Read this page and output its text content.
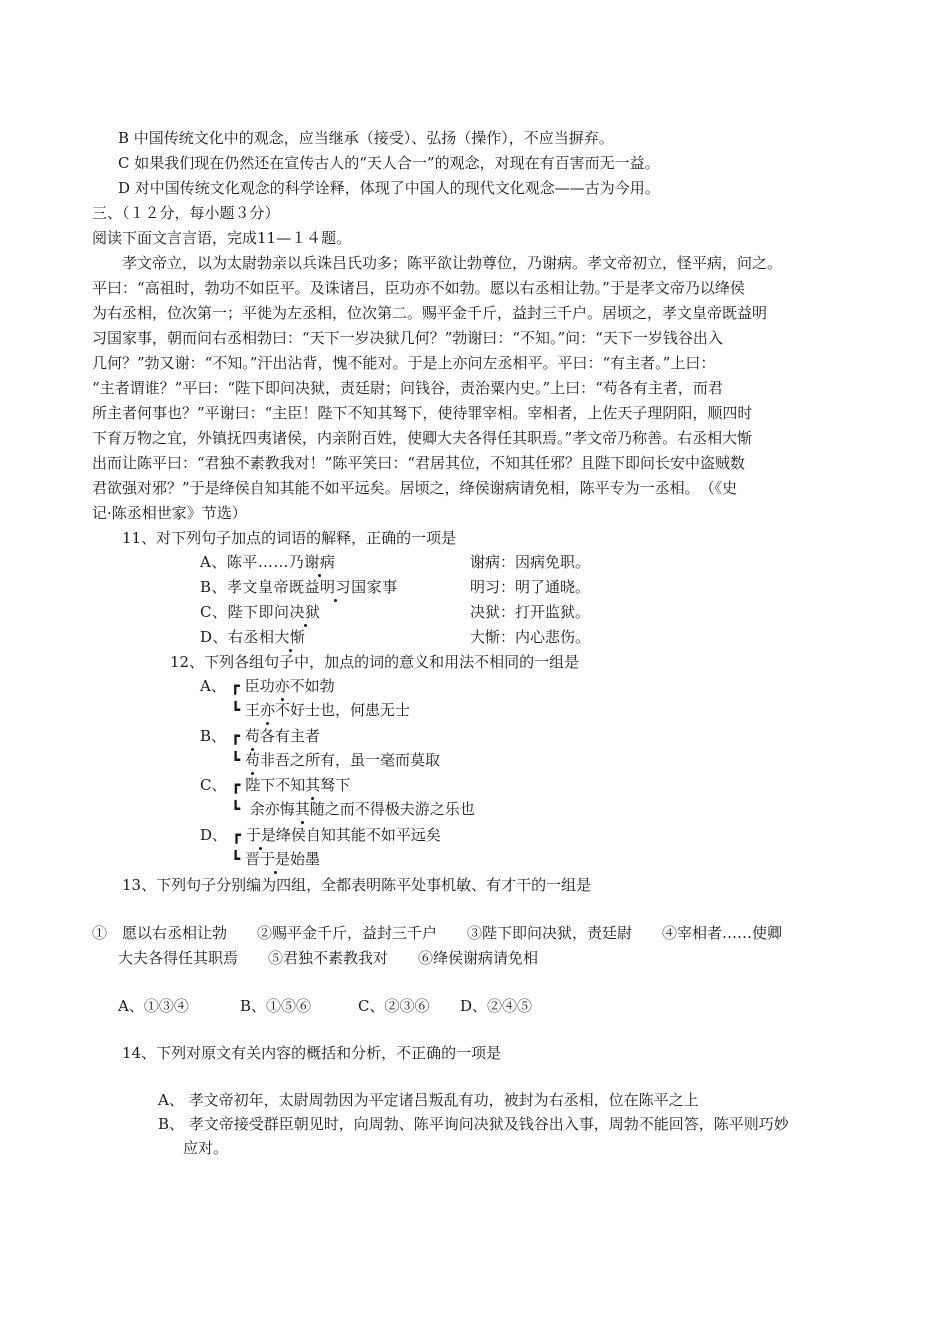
B 中国传统文化中的观念，应当继承（接受）、弘扬（操作），不应当摒弃。
C 如果我们现在仍然还在宣传古人的“天人合一”的观念，对现在有百害而无一益。
D 对中国传统文化观念的科学诠释，体现了中国人的现代文化观念——古为今用。
三、（１２分，每小题３分）
阅读下面文言言语，完成11—１４题。
孝文帝立，以为太尉勃亲以兵诛吕氏功多；陈平欲让勃尊位，乃谢病。孝文帝初立，怪平病，问之。
平曰：“高祖时，勃功不如臣平。及诛诸吕，臣功亦不如勃。愿以右丞相让勃。”于是孝文帝乃以绛侯
为右丞相，位次第一；平徙为左丞相，位次第二。赐平金千斤，益封三千户。居顷之，孝文皇帝既益明
习国家事，朝而问右丞相勃曰：“天下一岁决狱几何？”勃谢曰：“不知。”问：“天下一岁钱谷出入
几何？”勃又谢：“不知。”汗出沾背，愧不能对。于是上亦问左丞相平。平曰：“有主者。”上曰：
“主者谓谁？”平曰：“陛下即问决狱，责廷尉；问钱谷，责治粟内史。”上曰：“苟各有主者，而君
所主者何事也？”平谢曰：“主臣！陛下不知其驽下，使待罪宰相。宰相者，上佐天子理阴阳，顺四时
下育万物之宜，外镇抚四夷诸侯，内亲附百姓，使卿大夫各得任其职焉。”孝文帝乃称善。右丞相大惭
出而让陈平曰：“君独不素教我对！”陈平笑曰：“君居其位，不知其任邪？且陛下即问长安中盗贼数
君欲强对邪？”于是绛侯自知其能不如平远矣。居顷之，绛侯谢病请免相，陈平专为一丞相。　（《史
记·陈丞相世家》节选）
11、对下列句子加点的词语的解释，正确的一项是
A、陈平……乃谢病	谢病：因病免职。
B、孝文皇帝既益明习国家事	明习：明了通晓。
C、陛下即问决狱	决狱：打开监狱。
D、右丞相大惭	大惭：内心悲伤。
12、下列各组句子中，加点的词的意义和用法不相同的一组是
A、 ┏ 臣功亦不如勃
┗ 王亦不好士也，何患无士
B、 ┏ 苟各有主者
┗ 苟非吾之所有，虽一毫而莫取
C、 ┏ 陛下不知其驽下
┗ 余亦悔其随之而不得极夫游之乐也
D、 ┏ 于是绛侯自知其能不如平远矣
┗ 晋于是始墨
13、下列句子分别编为四组，全都表明陈平处事机敏、有才干的一组是
①　愿以右丞相让勃　　②赐平金千斤，益封三千户　　③陛下即问决狱，责廷尉　　④宰相者……使卿
大夫各得任其职焉　　⑤君独不素教我对　　⑥绛侯谢病请免相
A、①③④	B、①⑤⑥	C、②③⑥ D、②④⑤
14、下列对原文有关内容的概括和分析，不正确的一项是
A、 孝文帝初年，太尉周勃因为平定诸吕叛乱有功，被封为右丞相，位在陈平之上
B、 孝文帝接受群臣朝见时，向周勃、陈平询问决狱及钱谷出入事，周勃不能回答，陈平则巧妙
应对。
